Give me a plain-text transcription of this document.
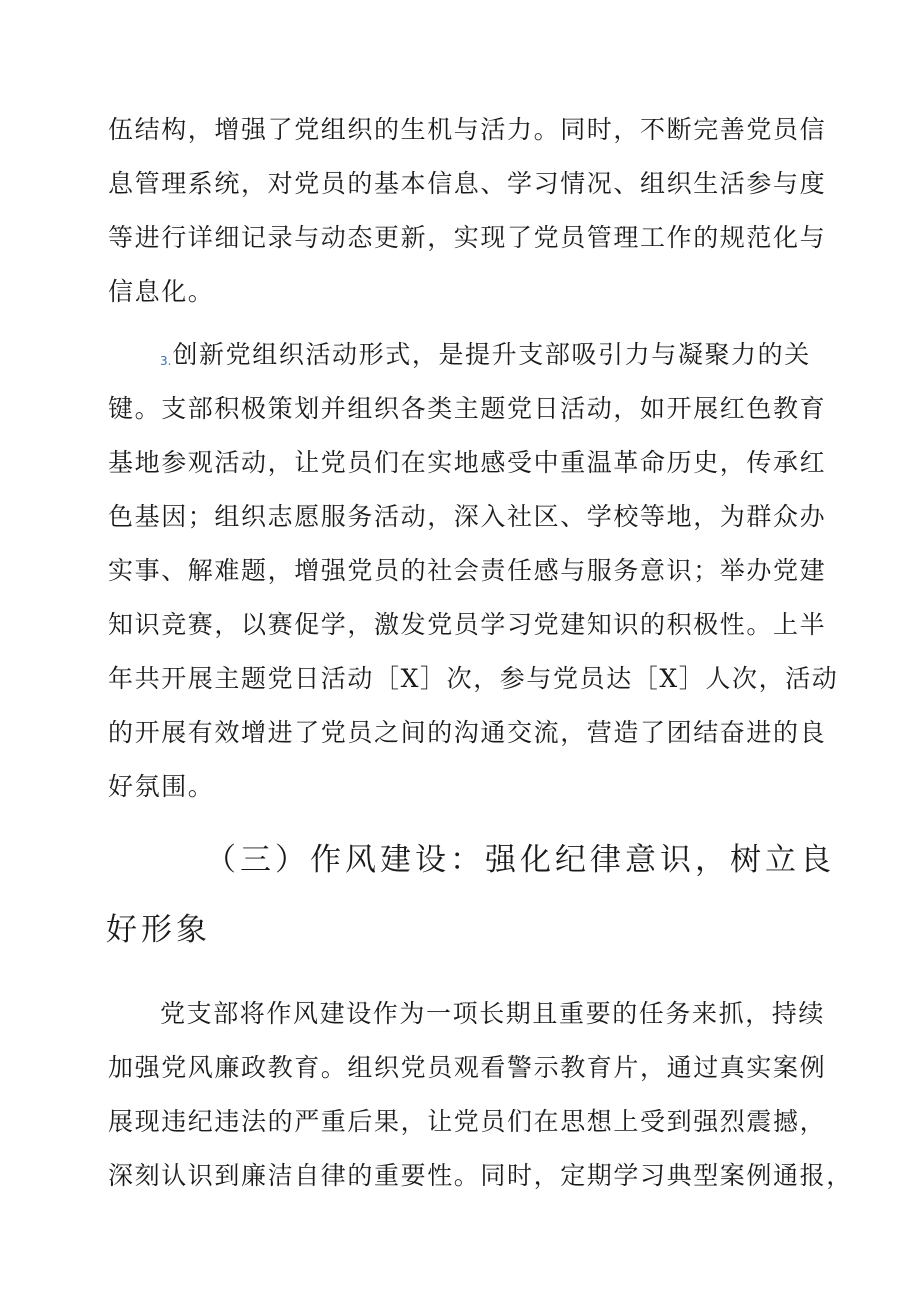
伍结构，增强了党组织的生机与活力。同时，不断完善党员信
息管理系统，对党员的基本信息、学习情况、组织生活参与度
等进行详细记录与动态更新，实现了党员管理工作的规范化与
信息化。
3.创新党组织活动形式，是提升支部吸引力与凝聚力的关
键。支部积极策划并组织各类主题党日活动，如开展红色教育
基地参观活动，让党员们在实地感受中重温革命历史，传承红
色基因；组织志愿服务活动，深入社区、学校等地，为群众办
实事、解难题，增强党员的社会责任感与服务意识；举办党建
知识竞赛，以赛促学，激发党员学习党建知识的积极性。上半
年共开展主题党日活动［X］次，参与党员达［X］人次，活动
的开展有效增进了党员之间的沟通交流，营造了团结奋进的良
好氛围。
（三）作风建设：强化纪律意识，树立良
好形象
党支部将作风建设作为一项长期且重要的任务来抓，持续
加强党风廉政教育。组织党员观看警示教育片，通过真实案例
展现违纪违法的严重后果，让党员们在思想上受到强烈震撼，
深刻认识到廉洁自律的重要性。同时，定期学习典型案例通报，
